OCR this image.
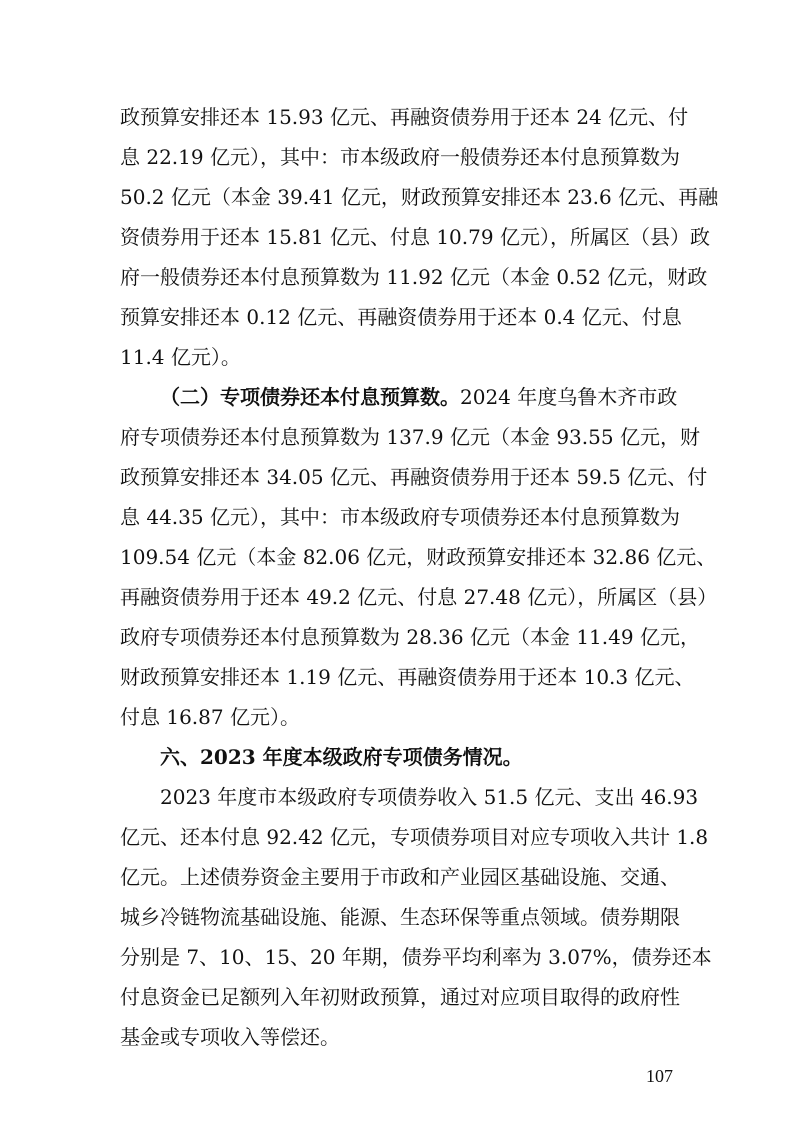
政预算安排还本 15.93 亿元、再融资债券用于还本 24 亿元、付
息 22.19 亿元），其中：市本级政府一般债券还本付息预算数为
50.2 亿元（本金 39.41 亿元，财政预算安排还本 23.6 亿元、再融
资债券用于还本 15.81 亿元、付息 10.79 亿元），所属区（县）政
府一般债券还本付息预算数为 11.92 亿元（本金 0.52 亿元，财政
预算安排还本 0.12 亿元、再融资债券用于还本 0.4 亿元、付息
11.4 亿元）。
（二）专项债券还本付息预算数。2024 年度乌鲁木齐市政
府专项债券还本付息预算数为 137.9 亿元（本金 93.55 亿元，财
政预算安排还本 34.05 亿元、再融资债券用于还本 59.5 亿元、付
息 44.35 亿元），其中：市本级政府专项债券还本付息预算数为
109.54 亿元（本金 82.06 亿元，财政预算安排还本 32.86 亿元、
再融资债券用于还本 49.2 亿元、付息 27.48 亿元），所属区（县）
政府专项债券还本付息预算数为 28.36 亿元（本金 11.49 亿元，
财政预算安排还本 1.19 亿元、再融资债券用于还本 10.3 亿元、
付息 16.87 亿元）。
六、2023 年度本级政府专项债务情况。
2023 年度市本级政府专项债券收入 51.5 亿元、支出 46.93
亿元、还本付息 92.42 亿元，专项债券项目对应专项收入共计 1.8
亿元。上述债券资金主要用于市政和产业园区基础设施、交通、
城乡冷链物流基础设施、能源、生态环保等重点领域。债券期限
分别是 7、10、15、20 年期，债券平均利率为 3.07%，债券还本
付息资金已足额列入年初财政预算，通过对应项目取得的政府性
基金或专项收入等偿还。
107
